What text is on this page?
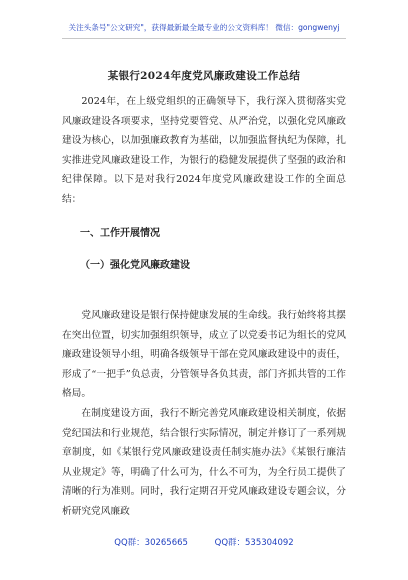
关注头条号"公文研究"，获得最新最全最专业的公文资料库！ 微信：gongwenyj
某银行2024年度党风廉政建设工作总结
2024年，在上级党组织的正确领导下，我行深入贯彻落实党风廉政建设各项要求，坚持党要管党、从严治党，以强化党风廉政建设为核心，以加强廉政教育为基础，以加强监督执纪为保障，扎实推进党风廉政建设工作，为银行的稳健发展提供了坚强的政治和纪律保障。以下是对我行2024年度党风廉政建设工作的全面总结：
一、工作开展情况
（一）强化党风廉政建设
党风廉政建设是银行保持健康发展的生命线。我行始终将其摆在突出位置，切实加强组织领导，成立了以党委书记为组长的党风廉政建设领导小组，明确各级领导干部在党风廉政建设中的责任，形成了“一把手”负总责，分管领导各负其责，部门齐抓共管的工作格局。
在制度建设方面，我行不断完善党风廉政建设相关制度，依据党纪国法和行业规范，结合银行实际情况，制定并修订了一系列规章制度，如《某银行党风廉政建设责任制实施办法》《某银行廉洁从业规定》等，明确了什么可为，什么不可为，为全行员工提供了清晰的行为准则。同时，我行定期召开党风廉政建设专题会议，分析研究党风廉政
QQ群：30265665	QQ群：535304092
